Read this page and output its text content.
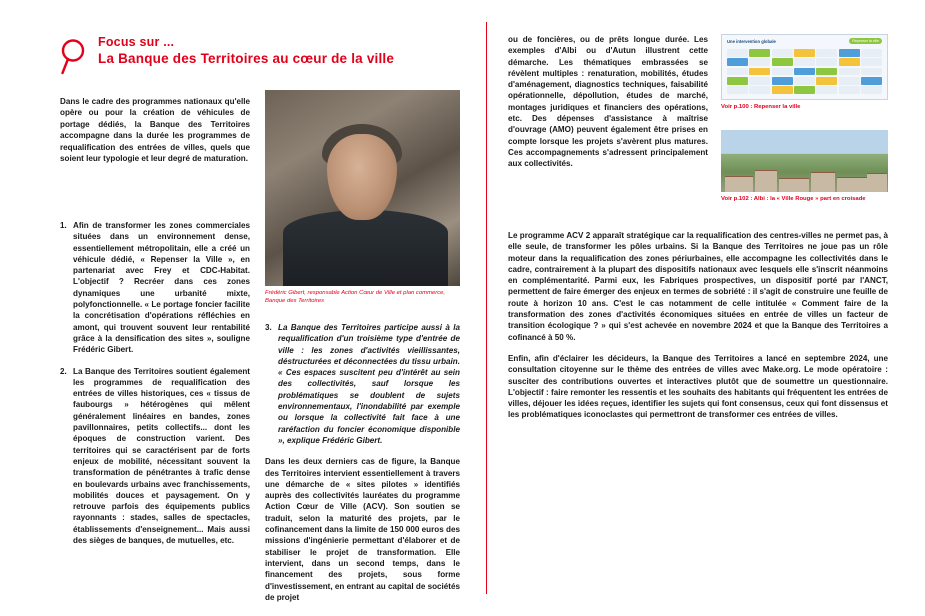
Focus sur ...
La Banque des Territoires au cœur de la ville
Dans le cadre des programmes nationaux qu'elle opère ou pour la création de véhicules de portage dédiés, la Banque des Territoires accompagne dans la durée les programmes de requalification des entrées de villes, quels que soient leur typologie et leur degré de maturation.
Frédéric Gibert, responsable Action Cœur de Ville et plan commerce, Banque des Territoires
1. Afin de transformer les zones commerciales situées dans un environnement dense, essentiellement métropolitain, elle a créé un véhicule dédié, « Repenser la Ville », en partenariat avec Frey et CDC-Habitat. L'objectif ? Recréer dans ces zones dynamiques une urbanité mixte, polyfonctionnelle. « Le portage foncier facilite la concrétisation d'opérations réfléchies en amont, qui trouvent souvent leur rentabilité grâce à la densification des sites », souligne Frédéric Gibert.
2. La Banque des Territoires soutient également les programmes de requalification des entrées de villes historiques, ces « tissus de faubourgs » hétérogènes qui mêlent généralement linéaires en bandes, zones pavillonnaires, petits collectifs... dont les époques de construction varient. Des territoires qui se caractérisent par de forts enjeux de mobilité, nécessitant souvent la transformation de pénétrantes à trafic dense en boulevards urbains avec franchissements, mobilités douces et paysagement. On y retrouve parfois des équipements publics rayonnants : stades, salles de spectacles, établissements d'enseignement... Mais aussi des sièges de banques, de mutuelles, etc.
3. La Banque des Territoires participe aussi à la requalification d'un troisième type d'entrée de ville : les zones d'activités vieillissantes, déstructurées et déconnectées du tissu urbain. « Ces espaces suscitent peu d'intérêt au sein des collectivités, sauf lorsque les problématiques se doublent de sujets environnementaux, l'inondabilité par exemple ou lorsque la collectivité fait face à une raréfaction du foncier économique disponible », explique Frédéric Gibert.
Dans les deux derniers cas de figure, la Banque des Territoires intervient essentiellement à travers une démarche de « sites pilotes » identifiés auprès des collectivités lauréates du programme Action Cœur de Ville (ACV). Son soutien se traduit, selon la maturité des projets, par le cofinancement dans la limite de 150 000 euros des missions d'ingénierie permettant d'élaborer et de stabiliser le projet de transformation. Elle intervient, dans un second temps, dans le financement des projets, sous forme d'investissement, en entrant au capital de sociétés de projet
ou de foncières, ou de prêts longue durée. Les exemples d'Albi ou d'Autun illustrent cette démarche. Les thématiques embrassées se révèlent multiples : renaturation, mobilités, études d'aménagement, diagnostics techniques, faisabilité opérationnelle, dépollution, études de marché, montages juridiques et financiers des opérations, etc. Des dépenses d'assistance à maîtrise d'ouvrage (AMO) peuvent également être prises en compte lorsque les projets s'avèrent plus matures. Ces accompagnements s'adressent principalement aux collectivités.
Une intervention globale	Repenser la ville
Voir p.100 : Repenser la ville
Voir p.102 : Albi : la « Ville Rouge » part en croisade
Le programme ACV 2 apparaît stratégique car la requalification des centres-villes ne permet pas, à elle seule, de transformer les pôles urbains. Si la Banque des Territoires ne joue pas un rôle moteur dans la requalification des zones périurbaines, elle accompagne les collectivités dans le cadre, contrairement à la plupart des dispositifs nationaux avec lesquels elle s'inscrit néanmoins en complémentarité. Parmi eux, les Fabriques prospectives, un dispositif porté par l'ANCT, permettent de faire émerger des enjeux en termes de sobriété : il s'agit de construire une feuille de route à horizon 10 ans. C'est le cas notamment de celle intitulée « Comment faire de la transformation des zones d'activités économiques situées en entrée de villes un facteur de transition écologique ? » qui s'est achevée en novembre 2024 et que la Banque des Territoires a cofinancé à 50 %.
Enfin, afin d'éclairer les décideurs, la Banque des Territoires a lancé en septembre 2024, une consultation citoyenne sur le thème des entrées de villes avec Make.org. Le mode opératoire : susciter des contributions ouvertes et interactives plutôt que de soumettre un questionnaire. L'objectif : faire remonter les ressentis et les souhaits des habitants qui fréquentent les entrées de villes, déjouer les idées reçues, identifier les sujets qui font consensus, ceux qui font dissensus et les problématiques iconoclastes qui permettront de transformer ces entrées de villes.
